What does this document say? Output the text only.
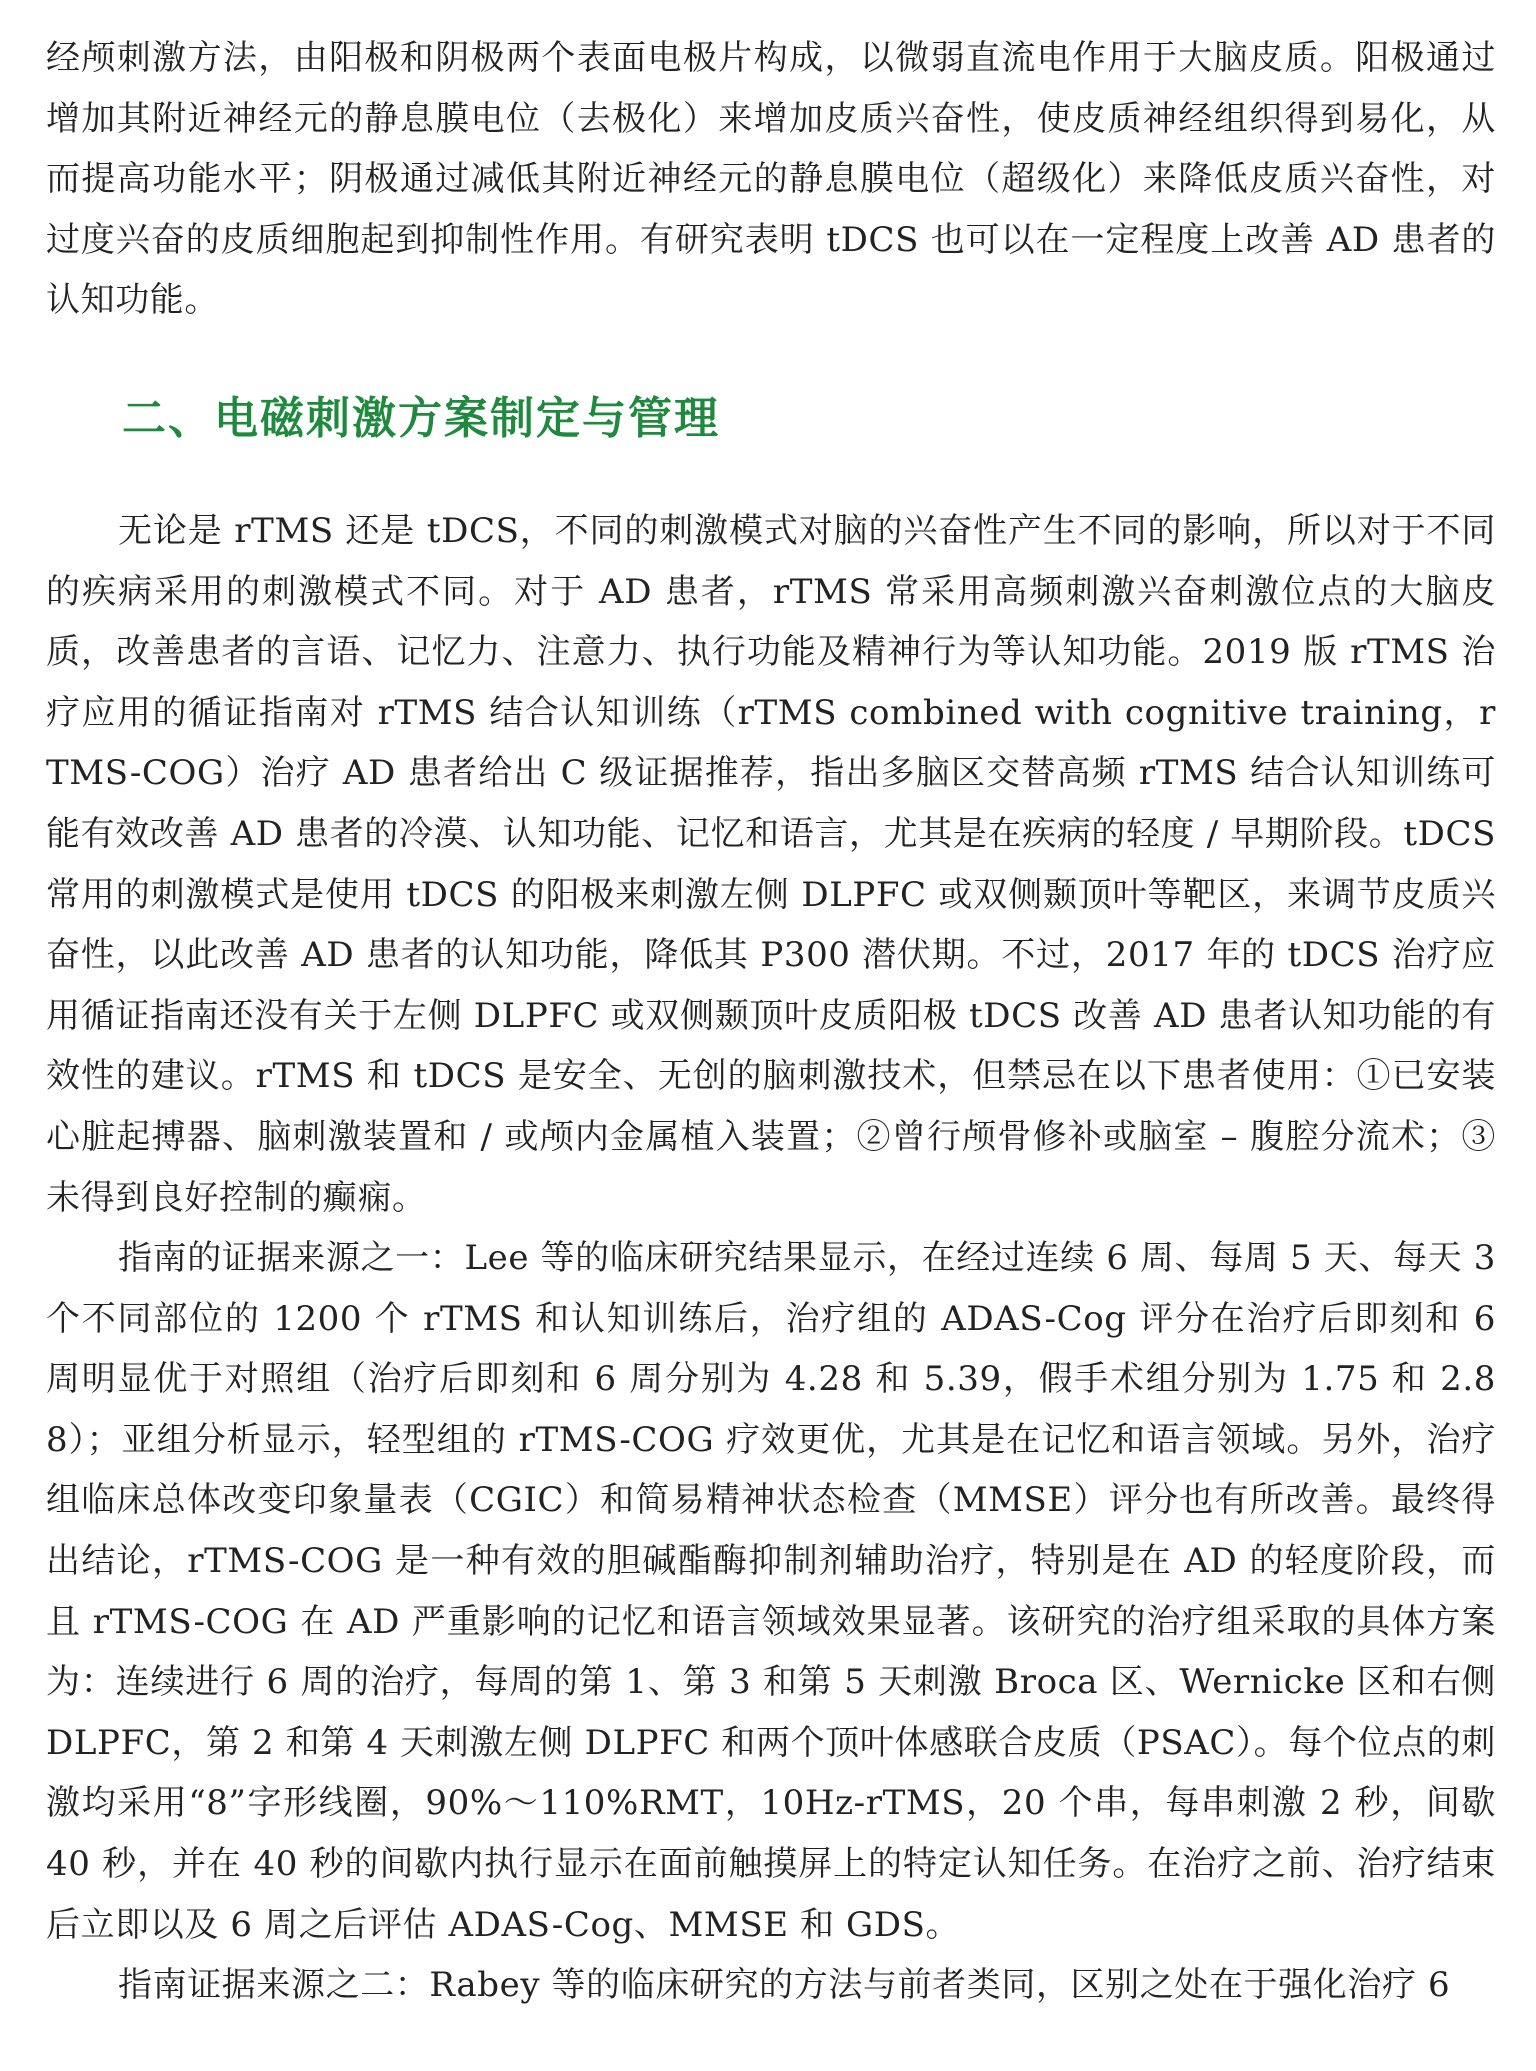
经颅刺激方法，由阳极和阴极两个表面电极片构成，以微弱直流电作用于大脑皮质。阳极通过增加其附近神经元的静息膜电位（去极化）来增加皮质兴奋性，使皮质神经组织得到易化，从而提高功能水平；阴极通过减低其附近神经元的静息膜电位（超级化）来降低皮质兴奋性，对过度兴奋的皮质细胞起到抑制性作用。有研究表明 tDCS 也可以在一定程度上改善 AD 患者的认知功能。

二、电磁刺激方案制定与管理

无论是 rTMS 还是 tDCS，不同的刺激模式对脑的兴奋性产生不同的影响，所以对于不同的疾病采用的刺激模式不同。对于 AD 患者，rTMS 常采用高频刺激兴奋刺激位点的大脑皮质，改善患者的言语、记忆力、注意力、执行功能及精神行为等认知功能。2019 版 rTMS 治疗应用的循证指南对 rTMS 结合认知训练（rTMS combined with cognitive training，rTMS-COG）治疗 AD 患者给出 C 级证据推荐，指出多脑区交替高频 rTMS 结合认知训练可能有效改善 AD 患者的冷漠、认知功能、记忆和语言，尤其是在疾病的轻度 / 早期阶段。tDCS 常用的刺激模式是使用 tDCS 的阳极来刺激左侧 DLPFC 或双侧颞顶叶等靶区，来调节皮质兴奋性，以此改善 AD 患者的认知功能，降低其 P300 潜伏期。不过，2017 年的 tDCS 治疗应用循证指南还没有关于左侧 DLPFC 或双侧颞顶叶皮质阳极 tDCS 改善 AD 患者认知功能的有效性的建议。rTMS 和 tDCS 是安全、无创的脑刺激技术，但禁忌在以下患者使用：①已安装心脏起搏器、脑刺激装置和 / 或颅内金属植入装置；②曾行颅骨修补或脑室 – 腹腔分流术；③未得到良好控制的癫痫。

指南的证据来源之一：Lee 等的临床研究结果显示，在经过连续 6 周、每周 5 天、每天 3 个不同部位的 1200 个 rTMS 和认知训练后，治疗组的 ADAS-Cog 评分在治疗后即刻和 6 周明显优于对照组（治疗后即刻和 6 周分别为 4.28 和 5.39，假手术组分别为 1.75 和 2.88）；亚组分析显示，轻型组的 rTMS-COG 疗效更优，尤其是在记忆和语言领域。另外，治疗组临床总体改变印象量表（CGIC）和简易精神状态检查（MMSE）评分也有所改善。最终得出结论，rTMS-COG 是一种有效的胆碱酯酶抑制剂辅助治疗，特别是在 AD 的轻度阶段，而且 rTMS-COG 在 AD 严重影响的记忆和语言领域效果显著。该研究的治疗组采取的具体方案为：连续进行 6 周的治疗，每周的第 1、第 3 和第 5 天刺激 Broca 区、Wernicke 区和右侧 DLPFC，第 2 和第 4 天刺激左侧 DLPFC 和两个顶叶体感联合皮质（PSAC）。每个位点的刺激均采用“8”字形线圈，90%～110%RMT，10Hz-rTMS，20 个串，每串刺激 2 秒，间歇 40 秒，并在 40 秒的间歇内执行显示在面前触摸屏上的特定认知任务。在治疗之前、治疗结束后立即以及 6 周之后评估 ADAS-Cog、MMSE 和 GDS。

指南证据来源之二：Rabey 等的临床研究的方法与前者类同，区别之处在于强化治疗 6
